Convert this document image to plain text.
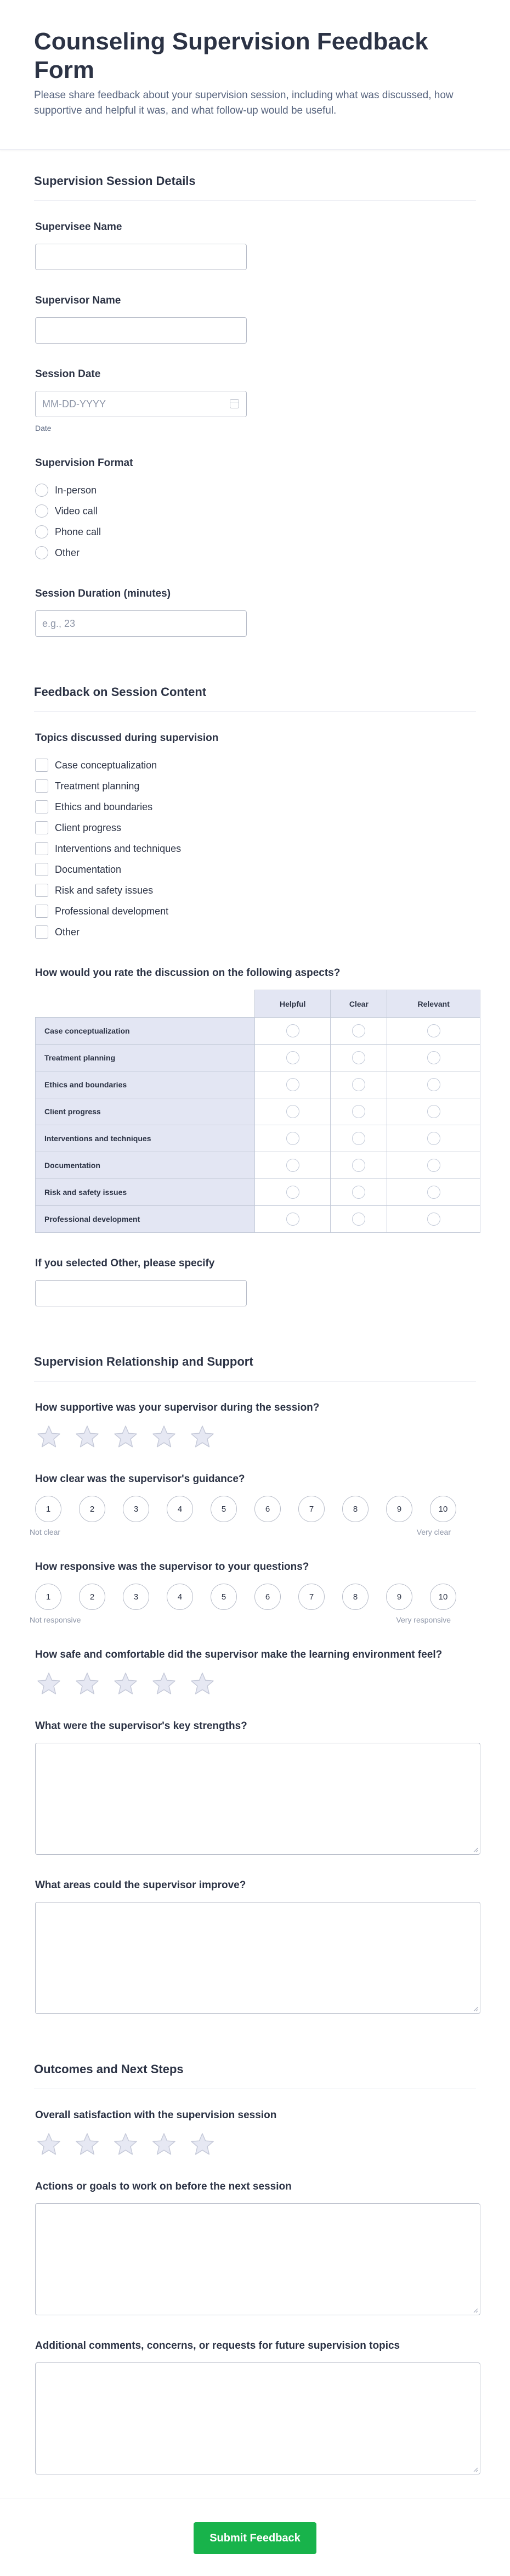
Counseling Supervision Feedback Form

Please share feedback about your supervision session, including what was discussed, how supportive and helpful it was, and what follow-up would be useful.

Supervision Session Details
Supervisee Name
Supervisor Name
Session Date
MM-DD-YYYY
Date
Supervision Format
In-person
Video call
Phone call
Other
Session Duration (minutes)
e.g., 23
Feedback on Session Content
Topics discussed during supervision
Case conceptualization
Treatment planning
Ethics and boundaries
Client progress
Interventions and techniques
Documentation
Risk and safety issues
Professional development
Other
How would you rate the discussion on the following aspects?
	Helpful	Clear	Relevant
Case conceptualization			
Treatment planning			
Ethics and boundaries			
Client progress			
Interventions and techniques			
Documentation			
Risk and safety issues			
Professional development			
If you selected Other, please specify
Supervision Relationship and Support
How supportive was your supervisor during the session?
How clear was the supervisor's guidance?
1	2	3	4	5	6	7	8	9	10
Not clear	Very clear
How responsive was the supervisor to your questions?
1	2	3	4	5	6	7	8	9	10
Not responsive	Very responsive
How safe and comfortable did the supervisor make the learning environment feel?
What were the supervisor's key strengths?
What areas could the supervisor improve?
Outcomes and Next Steps
Overall satisfaction with the supervision session
Actions or goals to work on before the next session
Additional comments, concerns, or requests for future supervision topics
Submit Feedback
